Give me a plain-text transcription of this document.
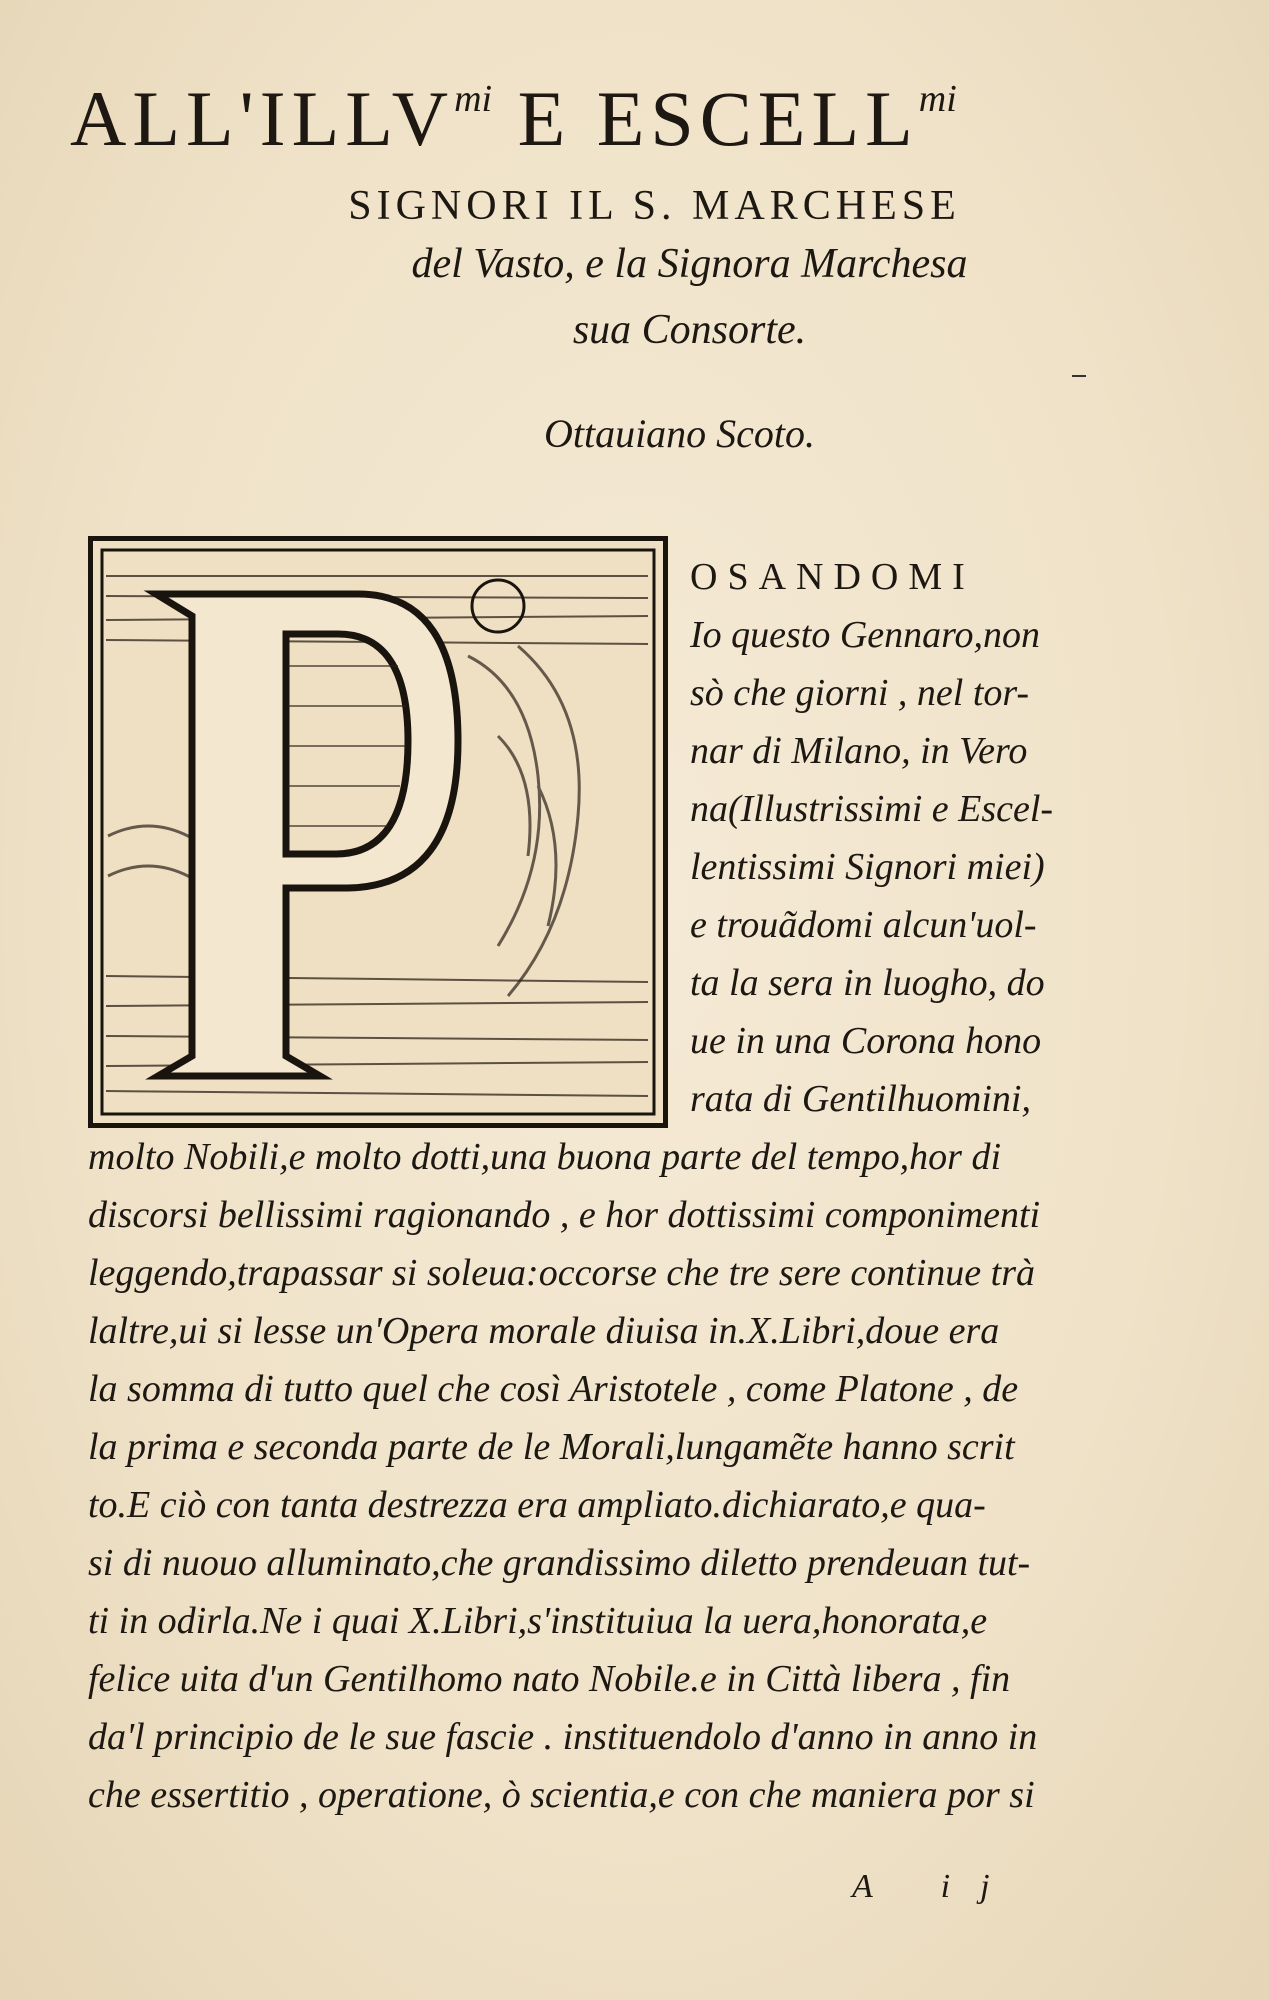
$ALL'ILLV^{mi}$ E $ESCELL^{mi}$
SIGNORI IL S. MARCHESE
del Vasto, e la Signora Marchesa
sua Consorte.
Ottauiano Scoto.
OSANDOMI
Io questo Gennaro,non
sò che giorni , nel tor-
nar di Milano, in Vero
na(Illustrissimi e Escel-
lentissimi Signori miei)
e trouãdomi alcun'uol-
ta la sera in luogho, do
ue in una Corona hono
rata di Gentilhuomini,
molto Nobili,e molto dotti,una buona parte del tempo,hor di
discorsi bellissimi ragionando , e hor dottissimi componimenti
leggendo,trapassar si soleua:occorse che tre sere continue trà
laltre,ui si lesse un'Opera morale diuisa in.X.Libri,doue era
la somma di tutto quel che così Aristotele , come Platone , de
la prima e seconda parte de le Morali,lungamẽte hanno scrit
to.E ciò con tanta destrezza era ampliato.dichiarato,e qua-
si di nuouo alluminato,che grandissimo diletto prendeuan tut-
ti in odirla.Ne i quai X.Libri,s'instituiua la uera,honorata,e
felice uita d'un Gentilhomo nato Nobile.e in Città libera , fin
da'l principio de le sue fascie . instituendolo d'anno in anno in
che essertitio , operatione, ò scientia,e con che maniera por si
A ij
